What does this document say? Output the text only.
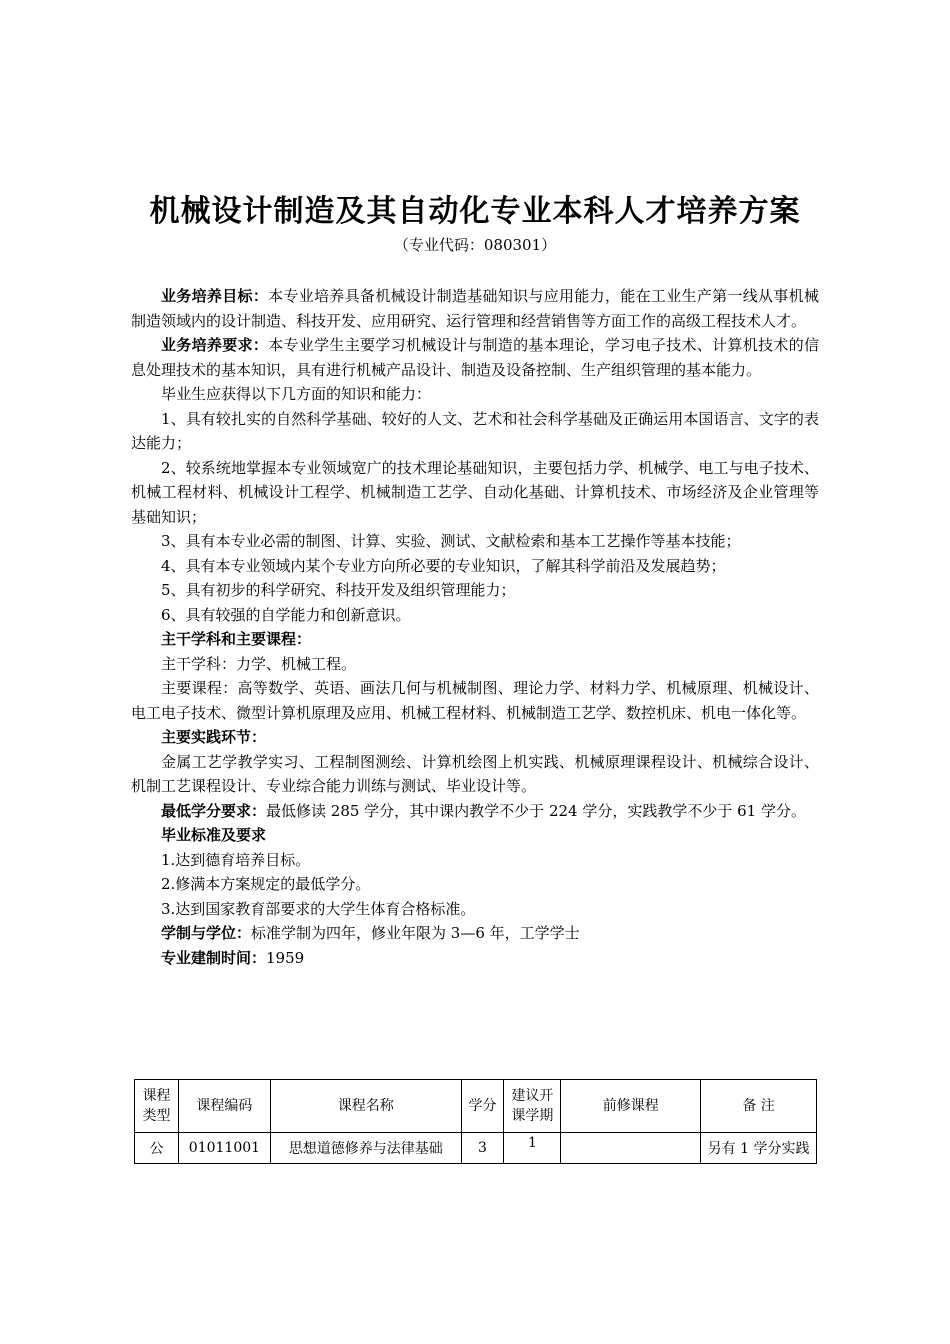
机械设计制造及其自动化专业本科人才培养方案
（专业代码：080301）

业务培养目标：本专业培养具备机械设计制造基础知识与应用能力，能在工业生产第一线从事机械制造领域内的设计制造、科技开发、应用研究、运行管理和经营销售等方面工作的高级工程技术人才。

业务培养要求：本专业学生主要学习机械设计与制造的基本理论，学习电子技术、计算机技术的信息处理技术的基本知识，具有进行机械产品设计、制造及设备控制、生产组织管理的基本能力。

毕业生应获得以下几方面的知识和能力：

1、具有较扎实的自然科学基础、较好的人文、艺术和社会科学基础及正确运用本国语言、文字的表达能力；

2、较系统地掌握本专业领域宽广的技术理论基础知识，主要包括力学、机械学、电工与电子技术、机械工程材料、机械设计工程学、机械制造工艺学、自动化基础、计算机技术、市场经济及企业管理等基础知识；

3、具有本专业必需的制图、计算、实验、测试、文献检索和基本工艺操作等基本技能；

4、具有本专业领域内某个专业方向所必要的专业知识，了解其科学前沿及发展趋势；

5、具有初步的科学研究、科技开发及组织管理能力；

6、具有较强的自学能力和创新意识。

主干学科和主要课程：

主干学科：力学、机械工程。

主要课程：高等数学、英语、画法几何与机械制图、理论力学、材料力学、机械原理、机械设计、电工电子技术、微型计算机原理及应用、机械工程材料、机械制造工艺学、数控机床、机电一体化等。

主要实践环节：

金属工艺学教学实习、工程制图测绘、计算机绘图上机实践、机械原理课程设计、机械综合设计、机制工艺课程设计、专业综合能力训练与测试、毕业设计等。

最低学分要求：最低修读 285 学分，其中课内教学不少于 224 学分，实践教学不少于 61 学分。

毕业标准及要求

1.达到德育培养目标。

2.修满本方案规定的最低学分。

3.达到国家教育部要求的大学生体育合格标准。

学制与学位：标准学制为四年，修业年限为 3—6 年，工学学士

专业建制时间：1959

课程类型	课程编码	课程名称	学分	建议开课学期	前修课程	备 注
公	01011001	思想道德修养与法律基础	3	1		另有 1 学分实践
